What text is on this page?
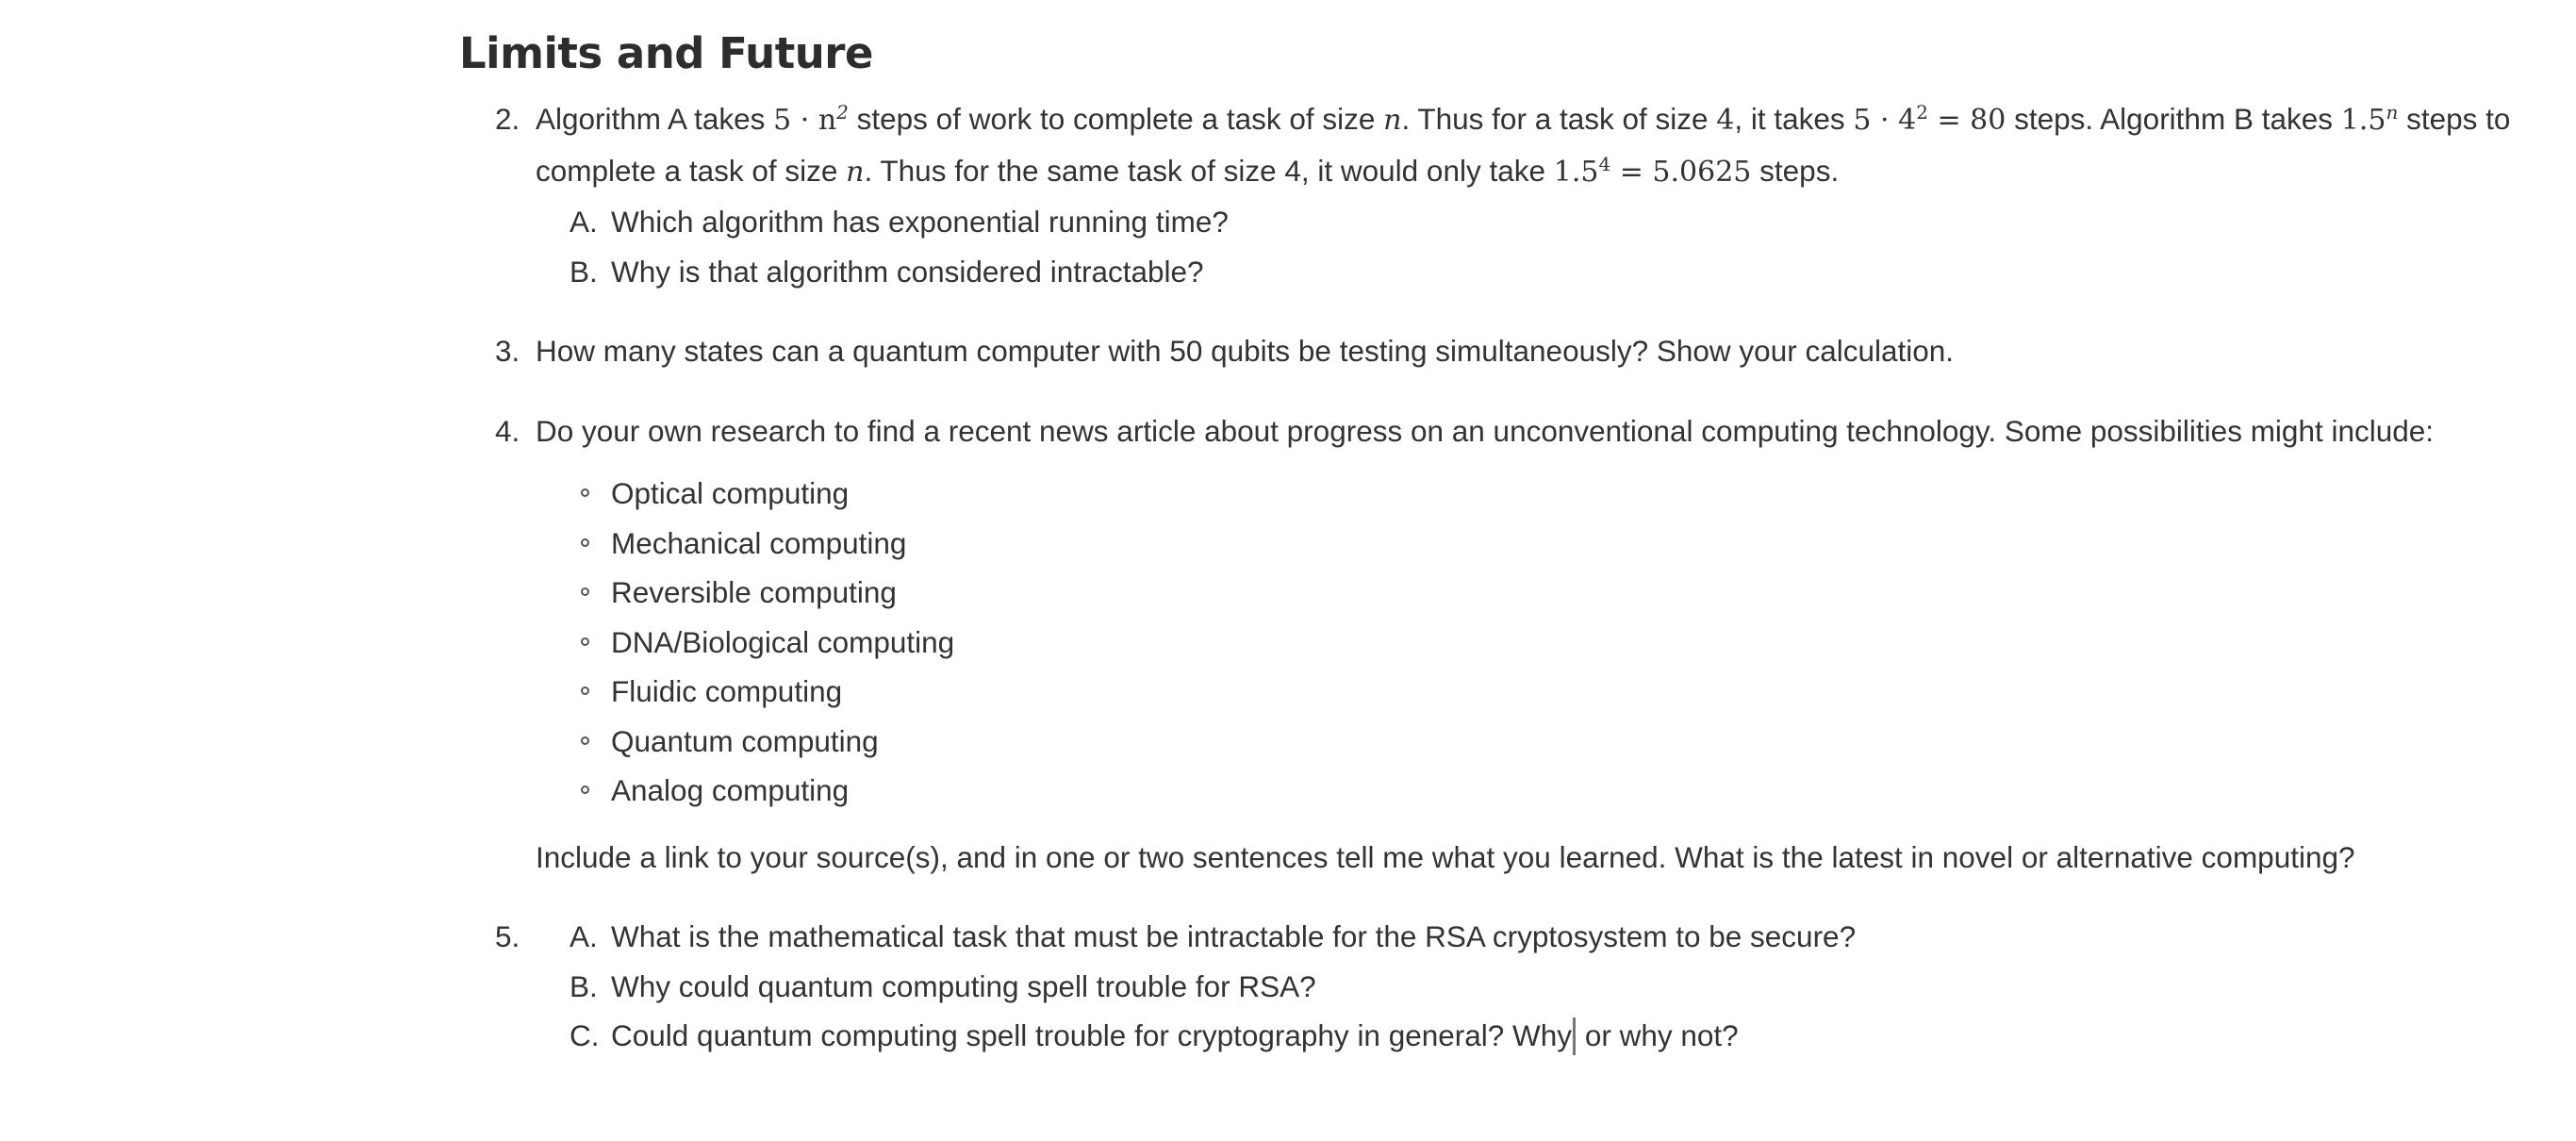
Limits and Future
2. Algorithm A takes $5 \cdot n^2$ steps of work to complete a task of size n. Thus for a task of size 4, it takes $5 \cdot 4^2 = 80$ steps. Algorithm B takes 1.5$^n$ steps to complete a task of size n. Thus for the same task of size 4, it would only take $1.5^4 = 5.0625$ steps.
A. Which algorithm has exponential running time?
B. Why is that algorithm considered intractable?
3. How many states can a quantum computer with 50 qubits be testing simultaneously? Show your calculation.
4. Do your own research to find a recent news article about progress on an unconventional computing technology. Some possibilities might include:
Optical computing
Mechanical computing
Reversible computing
DNA/Biological computing
Fluidic computing
Quantum computing
Analog computing
Include a link to your source(s), and in one or two sentences tell me what you learned. What is the latest in novel or alternative computing?
5. A. What is the mathematical task that must be intractable for the RSA cryptosystem to be secure?
B. Why could quantum computing spell trouble for RSA?
C. Could quantum computing spell trouble for cryptography in general? Why or why not?
